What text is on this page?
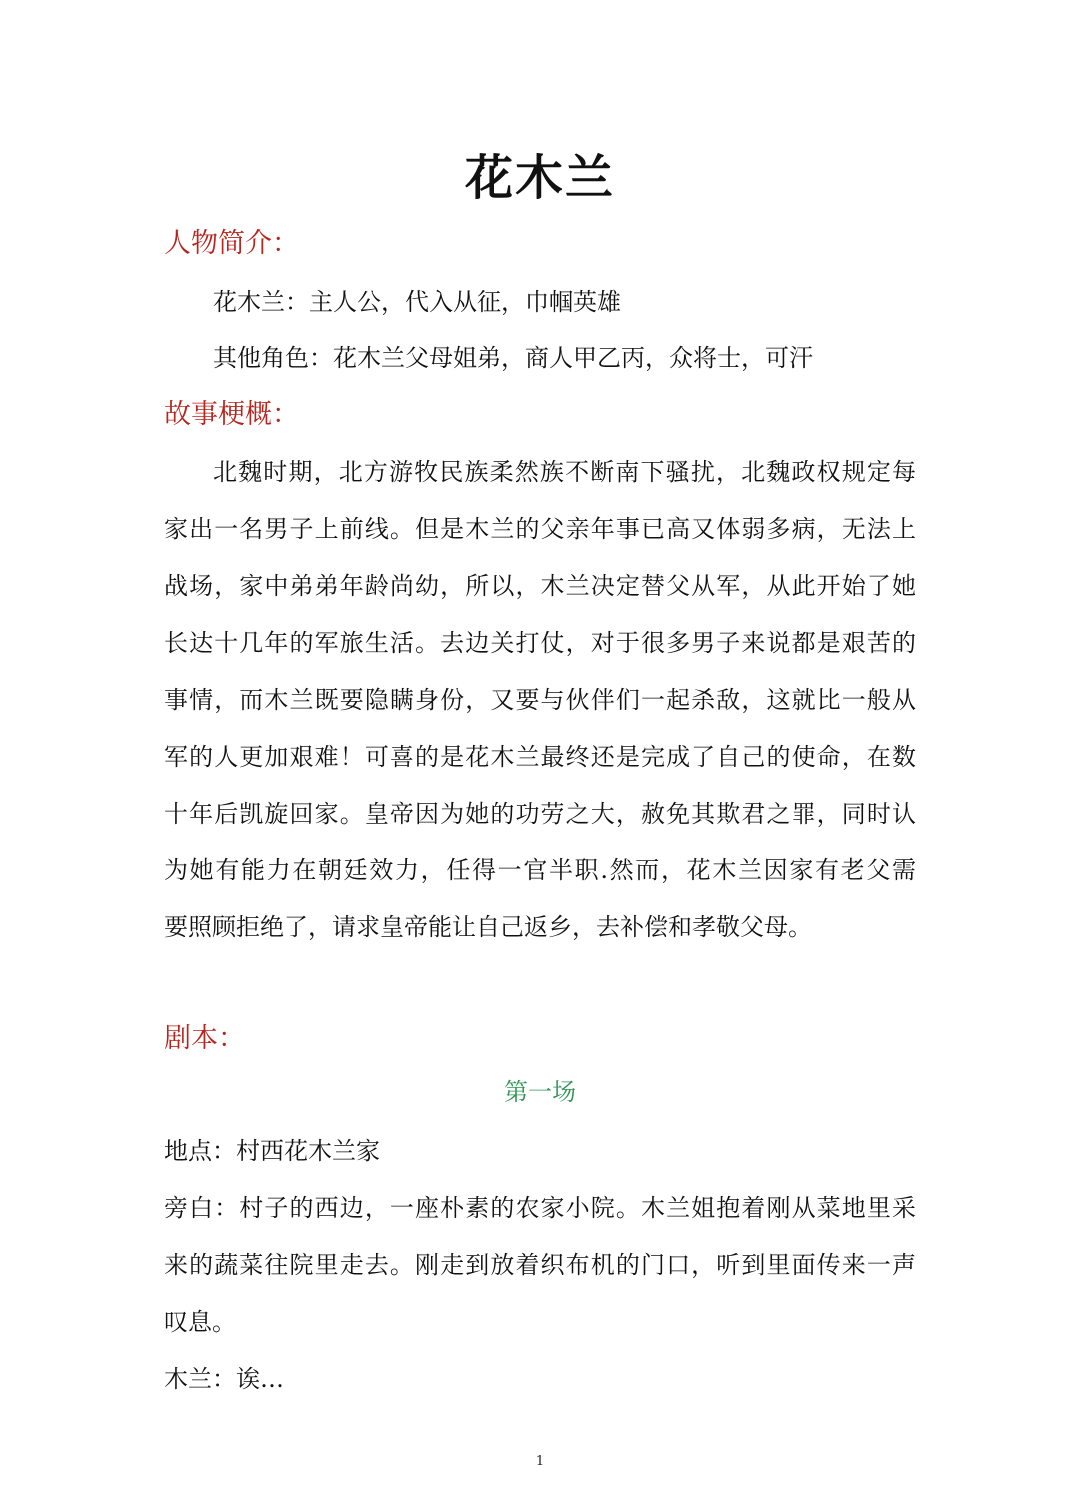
花木兰
人物简介：
花木兰：主人公，代入从征，巾帼英雄
其他角色：花木兰父母姐弟，商人甲乙丙，众将士，可汗
故事梗概：
北魏时期，北方游牧民族柔然族不断南下骚扰，北魏政权规定每
家出一名男子上前线。但是木兰的父亲年事已高又体弱多病，无法上
战场，家中弟弟年龄尚幼，所以，木兰决定替父从军，从此开始了她
长达十几年的军旅生活。去边关打仗，对于很多男子来说都是艰苦的
事情，而木兰既要隐瞒身份，又要与伙伴们一起杀敌，这就比一般从
军的人更加艰难！可喜的是花木兰最终还是完成了自己的使命，在数
十年后凯旋回家。皇帝因为她的功劳之大，赦免其欺君之罪，同时认
为她有能力在朝廷效力，任得一官半职.然而，花木兰因家有老父需
要照顾拒绝了，请求皇帝能让自己返乡，去补偿和孝敬父母。
剧本：
第一场
地点：村西花木兰家
旁白：村子的西边，一座朴素的农家小院。木兰姐抱着刚从菜地里采
来的蔬菜往院里走去。刚走到放着织布机的门口，听到里面传来一声
叹息。
木兰：诶…
1
